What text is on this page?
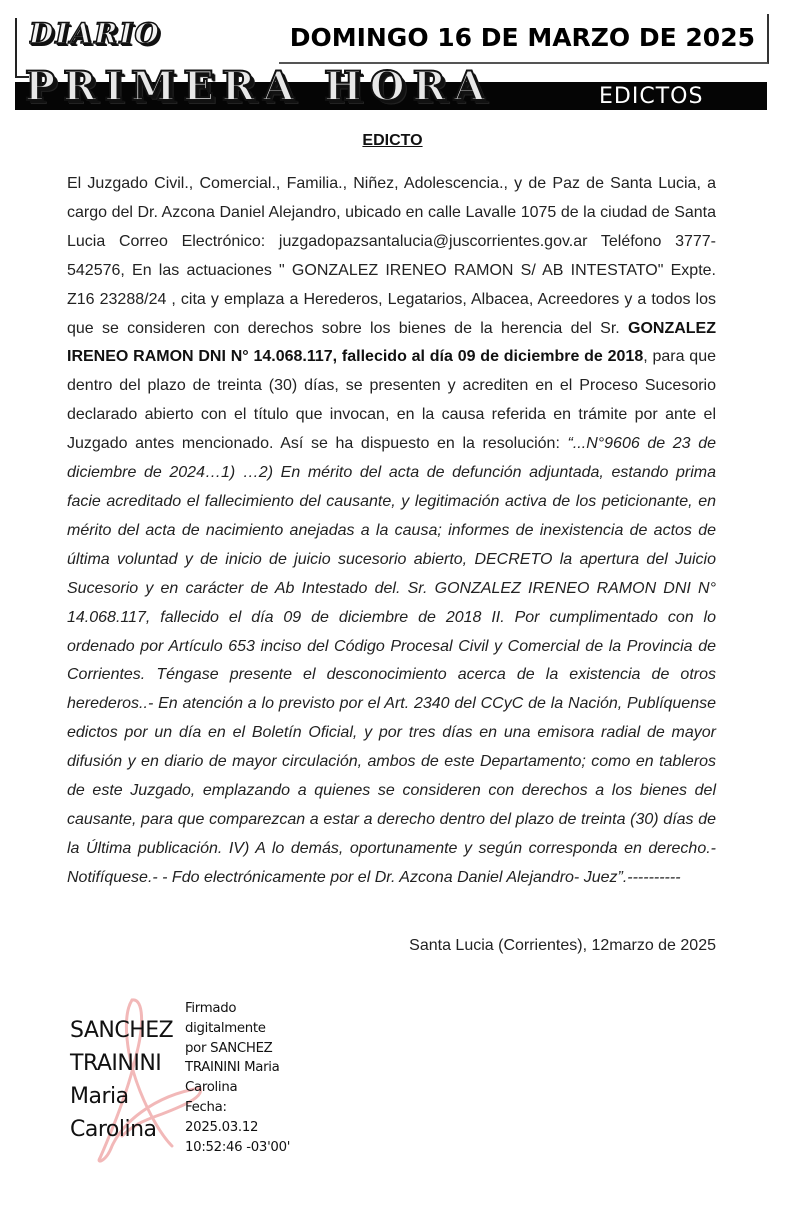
DIARIO
PRIMERA HORA
DOMINGO 16 DE MARZO DE 2025
EDICTOS
EDICTO
El Juzgado Civil., Comercial., Familia., Niñez, Adolescencia., y de Paz de Santa Lucia, a cargo del Dr. Azcona Daniel Alejandro, ubicado en calle Lavalle 1075 de la ciudad de Santa Lucia Correo Electrónico: juzgadopazsantalucia@juscorrientes.gov.ar Teléfono 3777- 542576, En las actuaciones " GONZALEZ IRENEO RAMON S/ AB INTESTATO" Expte. Z16 23288/24 , cita y emplaza a Herederos, Legatarios, Albacea, Acreedores y a todos los que se consideren con derechos sobre los bienes de la herencia del Sr. GONZALEZ IRENEO RAMON DNI N° 14.068.117, fallecido al día 09 de diciembre de 2018, para que dentro del plazo de treinta (30) días, se presenten y acrediten en el Proceso Sucesorio declarado abierto con el título que invocan, en la causa referida en trámite por ante el Juzgado antes mencionado. Así se ha dispuesto en la resolución: “...N°9606 de 23 de diciembre de 2024…1) …2) En mérito del acta de defunción adjuntada, estando prima facie acreditado el fallecimiento del causante, y legitimación activa de los peticionante, en mérito del acta de nacimiento anejadas a la causa; informes de inexistencia de actos de última voluntad y de inicio de juicio sucesorio abierto, DECRETO la apertura del Juicio Sucesorio y en carácter de Ab Intestado del. Sr. GONZALEZ IRENEO RAMON DNI N° 14.068.117, fallecido el día 09 de diciembre de 2018 II. Por cumplimentado con lo ordenado por Artículo 653 inciso del Código Procesal Civil y Comercial de la Provincia de Corrientes. Téngase presente el desconocimiento acerca de la existencia de otros herederos..- En atención a lo previsto por el Art. 2340 del CCyC de la Nación, Publíquense edictos por un día en el Boletín Oficial, y por tres días en una emisora radial de mayor difusión y en diario de mayor circulación, ambos de este Departamento; como en tableros de este Juzgado, emplazando a quienes se consideren con derechos a los bienes del causante, para que comparezcan a estar a derecho dentro del plazo de treinta (30) días de la Última publicación. IV) A lo demás, oportunamente y según corresponda en derecho.- Notifíquese.- - Fdo electrónicamente por el Dr. Azcona Daniel Alejandro- Juez”.----------
Santa Lucia (Corrientes), 12marzo de 2025
SANCHEZ
TRAININI
Maria
Carolina
Firmado
digitalmente
por SANCHEZ
TRAININI Maria
Carolina
Fecha:
2025.03.12
10:52:46 -03'00'
